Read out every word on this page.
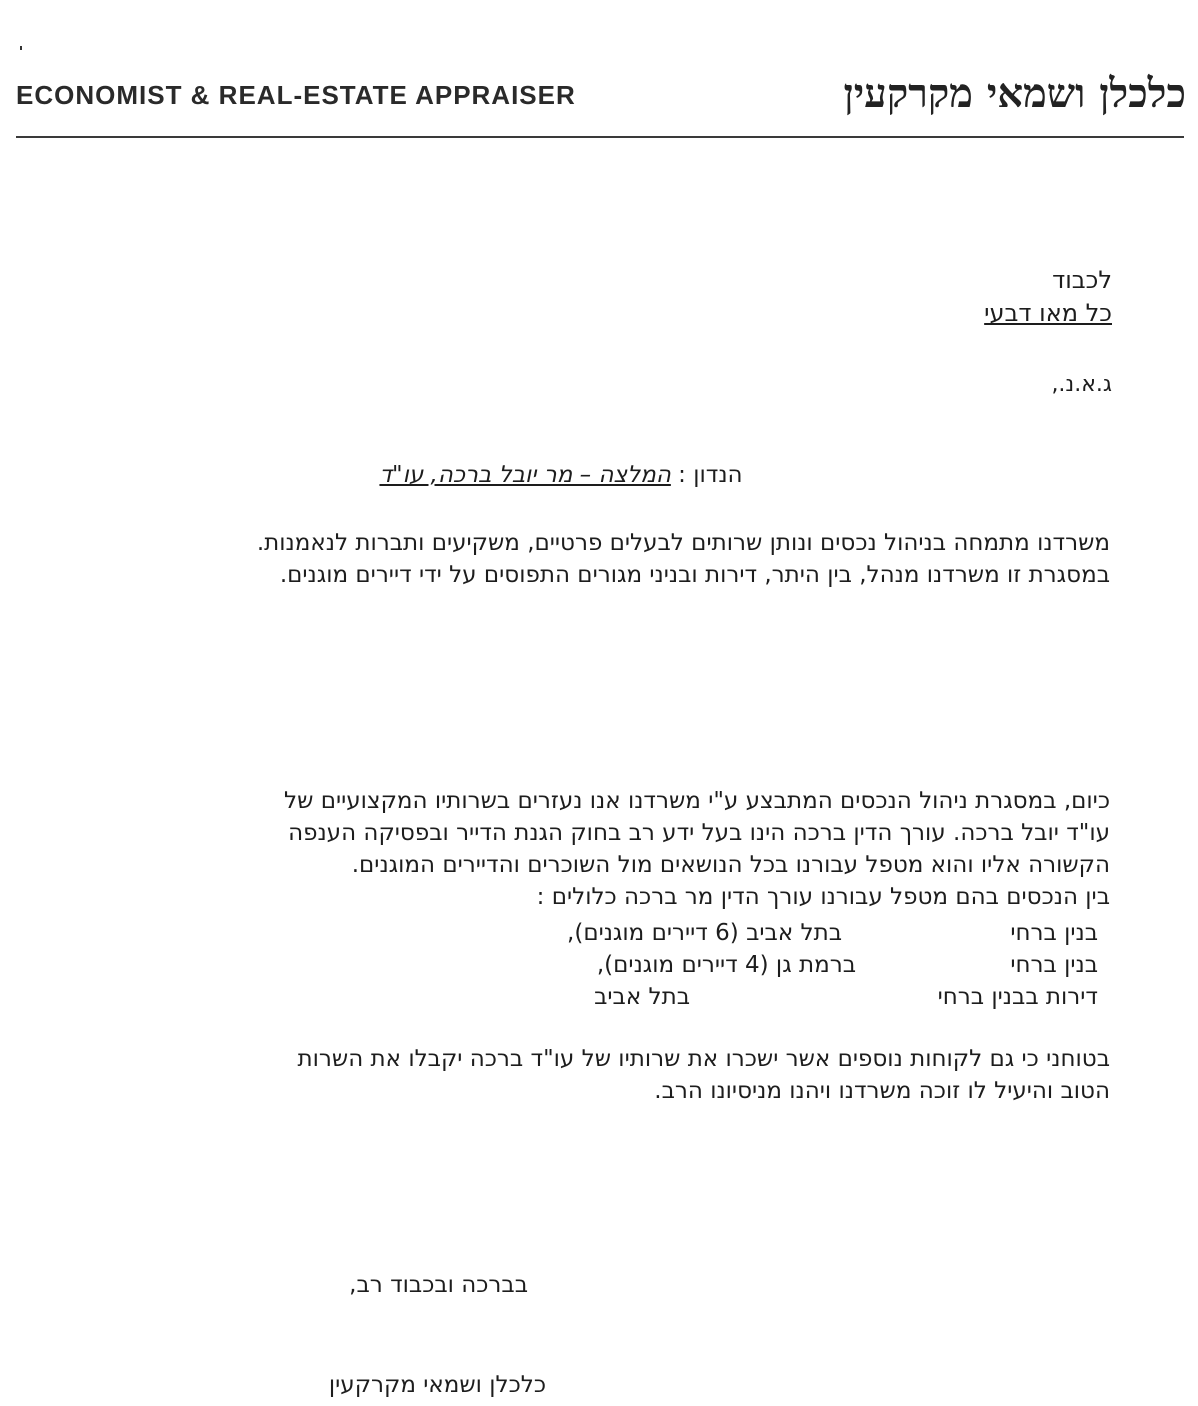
ECONOMIST & REAL-ESTATE APPRAISER	כלכלן ושמאי מקרקעין
לכבוד
כל מאו דבעי
ג.א.נ.,
הנדון : המלצה – מר יובל ברכה, עו"ד
משרדנו מתמחה בניהול נכסים ונותן שרותים לבעלים פרטיים, משקיעים ותברות לנאמנות.
במסגרת זו משרדנו מנהל, בין היתר, דירות ובניני מגורים התפוסים על ידי דיירים מוגנים.
כיום, במסגרת ניהול הנכסים המתבצע ע"י משרדנו אנו נעזרים בשרותיו המקצועיים של
עו"ד יובל ברכה. עורך הדין ברכה הינו בעל ידע רב בחוק הגנת הדייר ובפסיקה הענפה
הקשורה אליו והוא מטפל עבורנו בכל הנושאים מול השוכרים והדיירים המוגנים.
בין הנכסים בהם מטפל עבורנו עורך הדין מר ברכה כלולים :
בנין ברחי
בתל אביב (6 דיירים מוגנים),
בנין ברחי
ברמת גן (4 דיירים מוגנים),
דירות בבנין ברחי
בתל אביב
בטוחני כי גם לקוחות נוספים אשר ישכרו את שרותיו של עו"ד ברכה יקבלו את השרות
הטוב והיעיל לו זוכה משרדנו ויהנו מניסיונו הרב.
בברכה ובכבוד רב,
כלכלן ושמאי מקרקעין
